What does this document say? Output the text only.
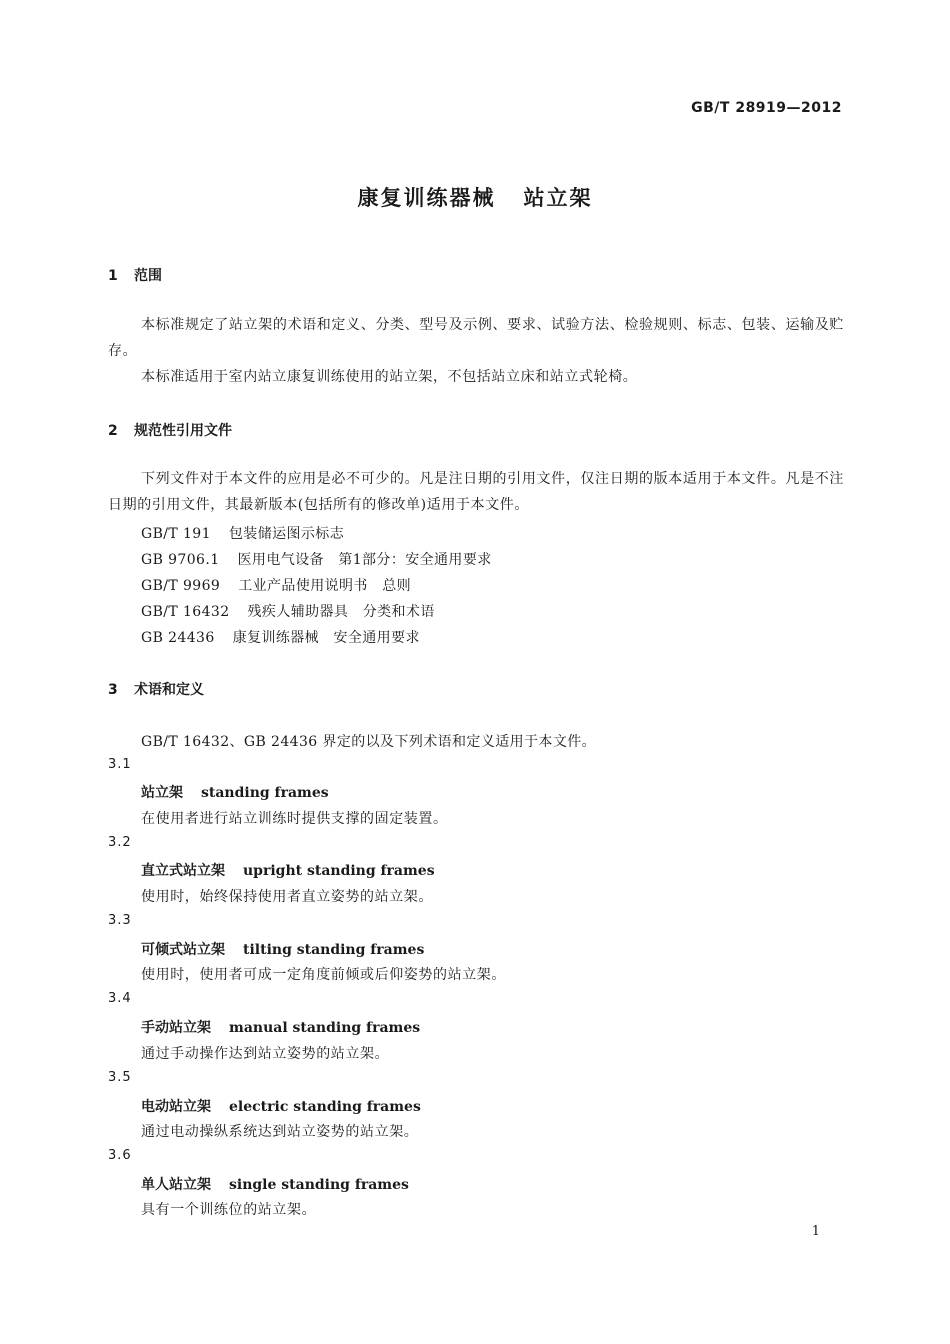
GB/T 28919—2012
康复训练器械 站立架
1 范围
本标准规定了站立架的术语和定义、分类、型号及示例、要求、试验方法、检验规则、标志、包装、运输及贮存。
本标准适用于室内站立康复训练使用的站立架，不包括站立床和站立式轮椅。
2 规范性引用文件
下列文件对于本文件的应用是必不可少的。凡是注日期的引用文件，仅注日期的版本适用于本文件。凡是不注日期的引用文件，其最新版本(包括所有的修改单)适用于本文件。
GB/T 191 包装储运图示标志
GB 9706.1 医用电气设备　第1部分：安全通用要求
GB/T 9969 工业产品使用说明书　总则
GB/T 16432 残疾人辅助器具　分类和术语
GB 24436 康复训练器械　安全通用要求
3 术语和定义
GB/T 16432、GB 24436 界定的以及下列术语和定义适用于本文件。
3.1
站立架 standing frames
在使用者进行站立训练时提供支撑的固定装置。
3.2
直立式站立架 upright standing frames
使用时，始终保持使用者直立姿势的站立架。
3.3
可倾式站立架 tilting standing frames
使用时，使用者可成一定角度前倾或后仰姿势的站立架。
3.4
手动站立架 manual standing frames
通过手动操作达到站立姿势的站立架。
3.5
电动站立架 electric standing frames
通过电动操纵系统达到站立姿势的站立架。
3.6
单人站立架 single standing frames
具有一个训练位的站立架。
1
